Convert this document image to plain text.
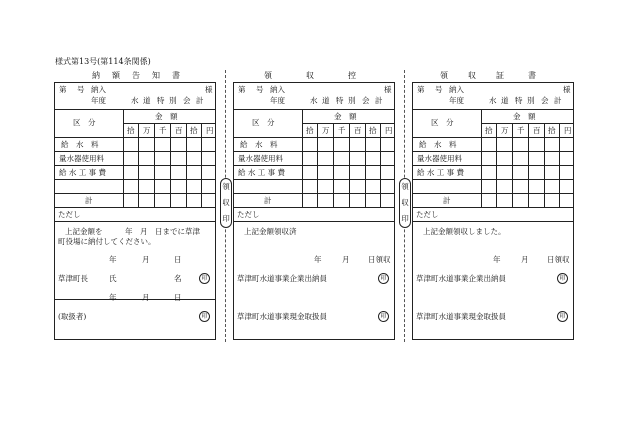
様式第13号(第114条関係)
領
収
印
領
収
印
納 額 告 知 書	領	収	控	領	収	証	書
第 号 納入
年度
様
水 道 特 別 会 計
区　分
金　額
拾 万 千 百 拾 円
給　水　料
量水器使用料
給 水 工 事 費
計
ただし
上記金額を　　　年　月　日までに草津
町役場に納付してください。
年	月	日
草津町長	氏	名	印
年	月	日
(取扱者)	印
第 号 納入
年度
様
水 道 特 別 会 計
区　分
金　額
拾 万 千 百 拾 円
給　水　料
量水器使用料
給 水 工 事 費
計
ただし
上記金額領収済
年	月 日領収
草津町水道事業企業出納員	印
草津町水道事業現金取扱員	印
第 号 納入
年度
様
水 道 特 別 会 計
区　分
金　額
拾 万 千 百 拾 円
給　水　料
量水器使用料
給 水 工 事 費
計
ただし
上記金額領収しました。
年	月 日領収
草津町水道事業企業出納員	印
草津町水道事業現金取扱員	印
